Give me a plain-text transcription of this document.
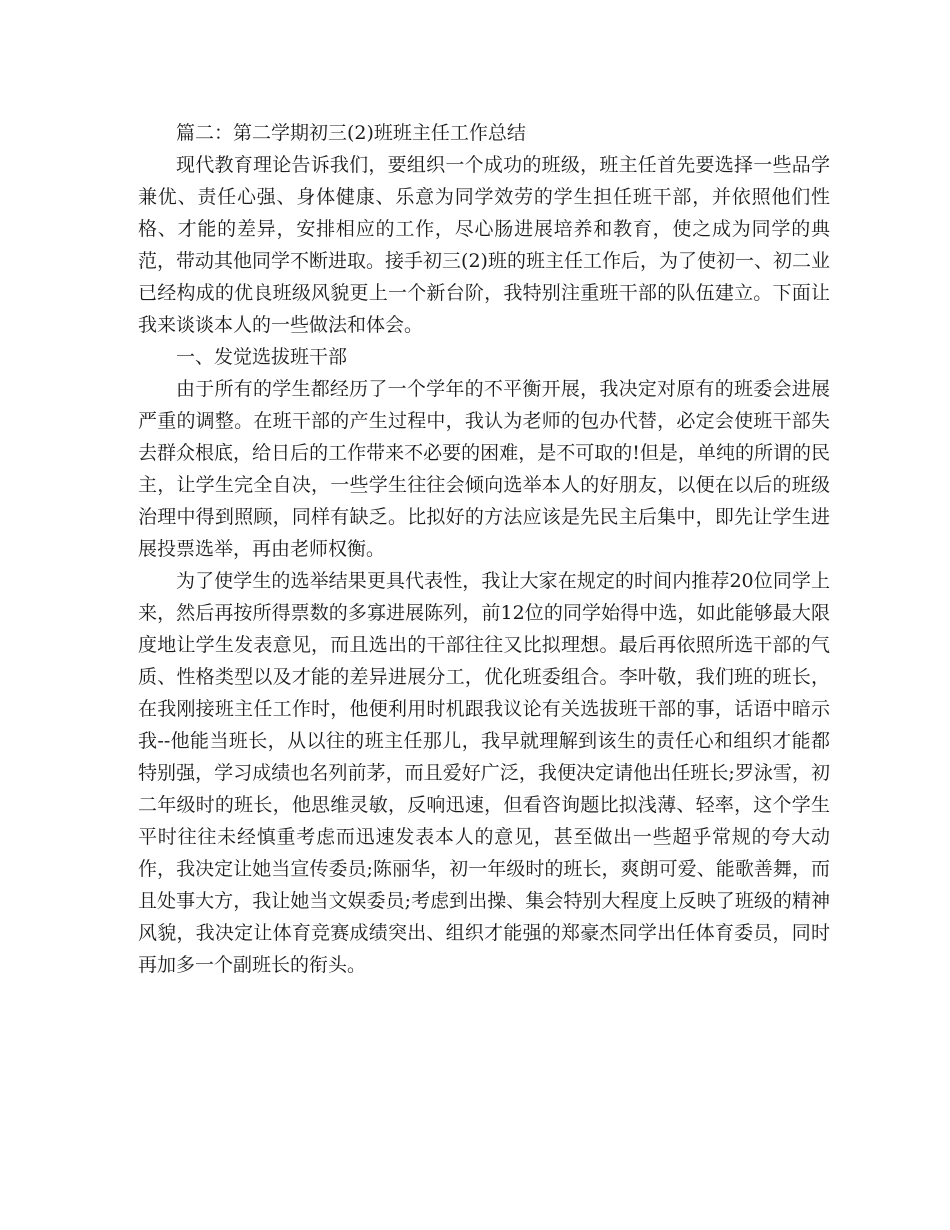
篇二：第二学期初三(2)班班主任工作总结

现代教育理论告诉我们，要组织一个成功的班级，班主任首先要选择一些品学兼优、责任心强、身体健康、乐意为同学效劳的学生担任班干部，并依照他们性格、才能的差异，安排相应的工作，尽心肠进展培养和教育，使之成为同学的典范，带动其他同学不断进取。接手初三(2)班的班主任工作后，为了使初一、初二业已经构成的优良班级风貌更上一个新台阶，我特别注重班干部的队伍建立。下面让我来谈谈本人的一些做法和体会。

一、发觉选拔班干部

由于所有的学生都经历了一个学年的不平衡开展，我决定对原有的班委会进展严重的调整。在班干部的产生过程中，我认为老师的包办代替，必定会使班干部失去群众根底，给日后的工作带来不必要的困难，是不可取的!但是，单纯的所谓的民主，让学生完全自决，一些学生往往会倾向选举本人的好朋友，以便在以后的班级治理中得到照顾，同样有缺乏。比拟好的方法应该是先民主后集中，即先让学生进展投票选举，再由老师权衡。

为了使学生的选举结果更具代表性，我让大家在规定的时间内推荐20位同学上来，然后再按所得票数的多寡进展陈列，前12位的同学始得中选，如此能够最大限度地让学生发表意见，而且选出的干部往往又比拟理想。最后再依照所选干部的气质、性格类型以及才能的差异进展分工，优化班委组合。李叶敬，我们班的班长，在我刚接班主任工作时，他便利用时机跟我议论有关选拔班干部的事，话语中暗示我--他能当班长，从以往的班主任那儿，我早就理解到该生的责任心和组织才能都特别强，学习成绩也名列前茅，而且爱好广泛，我便决定请他出任班长;罗泳雪，初二年级时的班长，他思维灵敏，反响迅速，但看咨询题比拟浅薄、轻率，这个学生平时往往未经慎重考虑而迅速发表本人的意见，甚至做出一些超乎常规的夸大动作，我决定让她当宣传委员;陈丽华，初一年级时的班长，爽朗可爱、能歌善舞，而且处事大方，我让她当文娱委员;考虑到出操、集会特别大程度上反映了班级的精神风貌，我决定让体育竞赛成绩突出、组织才能强的郑豪杰同学出任体育委员，同时再加多一个副班长的衔头。
